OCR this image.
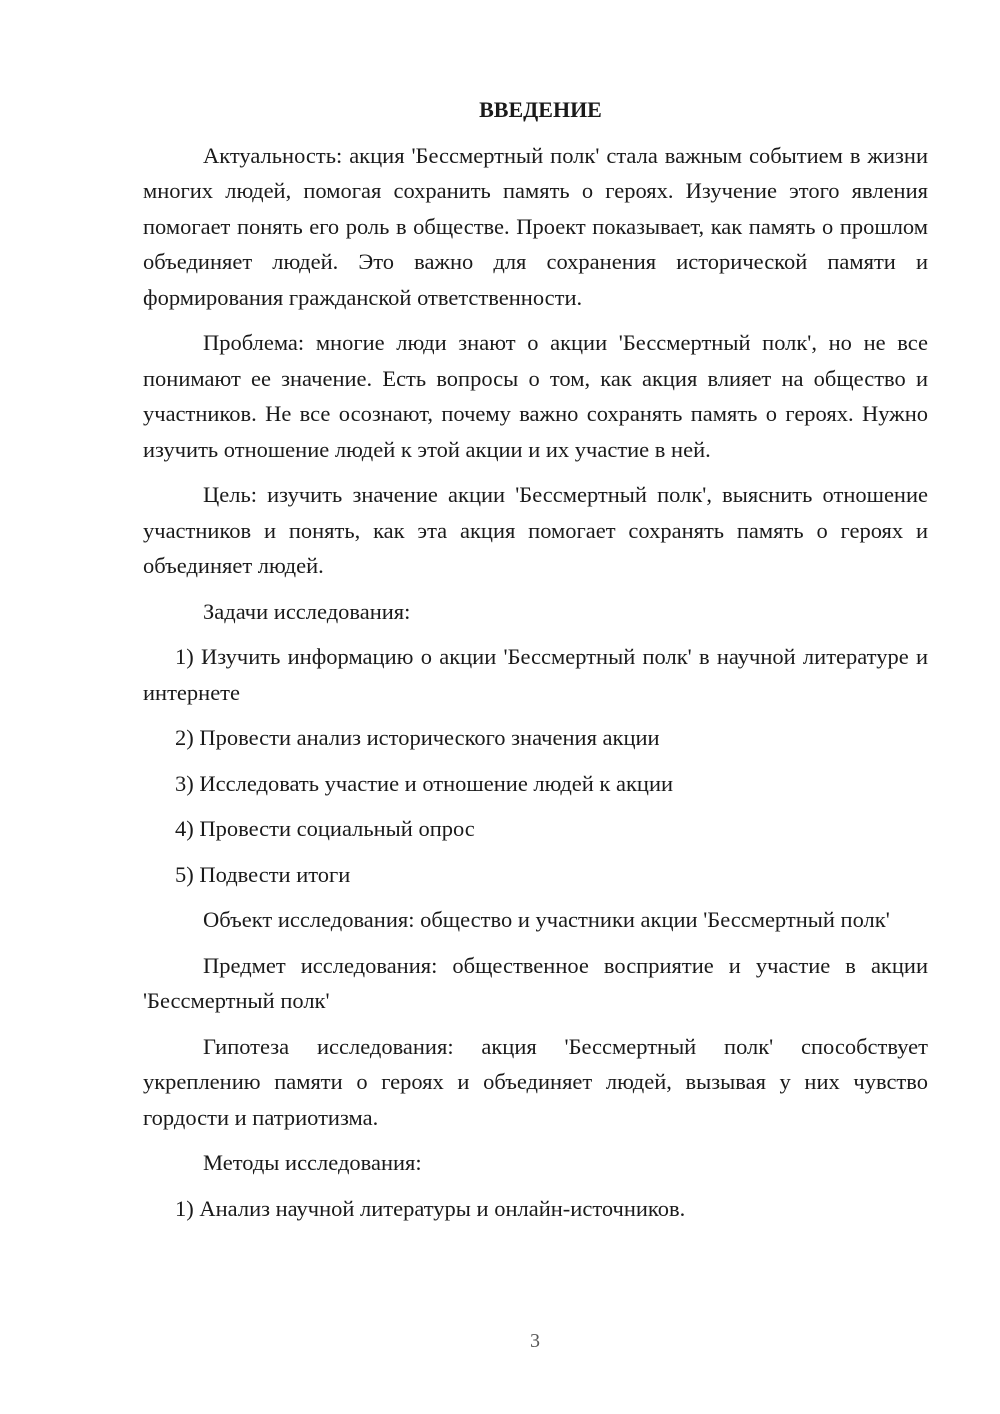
ВВЕДЕНИЕ

Актуальность: акция 'Бессмертный полк' стала важным событием в жизни многих людей, помогая сохранить память о героях. Изучение этого явления помогает понять его роль в обществе. Проект показывает, как память о прошлом объединяет людей. Это важно для сохранения исторической памяти и формирования гражданской ответственности.

Проблема: многие люди знают о акции 'Бессмертный полк', но не все понимают ее значение. Есть вопросы о том, как акция влияет на общество и участников. Не все осознают, почему важно сохранять память о героях. Нужно изучить отношение людей к этой акции и их участие в ней.

Цель: изучить значение акции 'Бессмертный полк', выяснить отношение участников и понять, как эта акция помогает сохранять память о героях и объединяет людей.

Задачи исследования:

1) Изучить информацию о акции 'Бессмертный полк' в научной литературе и интернете

2) Провести анализ исторического значения акции

3) Исследовать участие и отношение людей к акции

4) Провести социальный опрос

5) Подвести итоги

Объект исследования: общество и участники акции 'Бессмертный полк'

Предмет исследования: общественное восприятие и участие в акции 'Бессмертный полк'

Гипотеза исследования: акция 'Бессмертный полк' способствует укреплению памяти о героях и объединяет людей, вызывая у них чувство гордости и патриотизма.

Методы исследования:

1) Анализ научной литературы и онлайн-источников.

3
